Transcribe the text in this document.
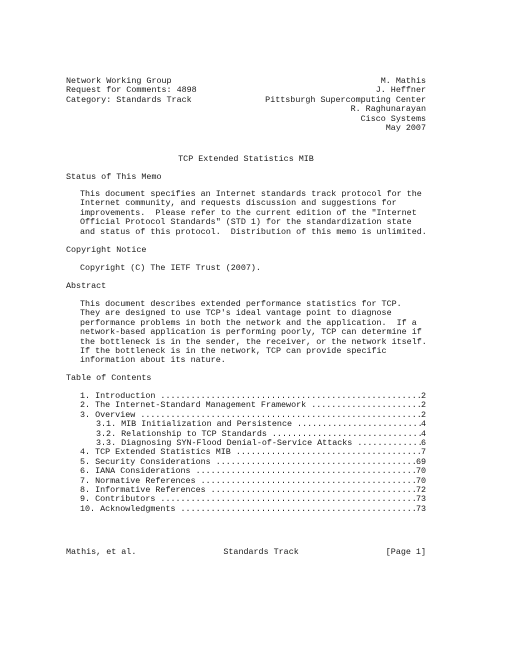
Network Working Group	M. Mathis
Request for Comments: 4898	J. Heffner
Category: Standards Track	Pittsburgh Supercomputing Center
R. Raghunarayan
Cisco Systems
May 2007
TCP Extended Statistics MIB
Status of This Memo
This document specifies an Internet standards track protocol for the
Internet community, and requests discussion and suggestions for
improvements.  Please refer to the current edition of the "Internet
Official Protocol Standards" (STD 1) for the standardization state
and status of this protocol.  Distribution of this memo is unlimited.
Copyright Notice
Copyright (C) The IETF Trust (2007).
Abstract
This document describes extended performance statistics for TCP.
They are designed to use TCP's ideal vantage point to diagnose
performance problems in both the network and the application.  If a
network-based application is performing poorly, TCP can determine if
the bottleneck is in the sender, the receiver, or the network itself.
If the bottleneck is in the network, TCP can provide specific
information about its nature.
Table of Contents
1. Introduction .....	2
2. The Internet-Standard Management Framework .....	2
3. Overview .....	2
3.1. MIB Initialization and Persistence .....	4
3.2. Relationship to TCP Standards .....	4
3.3. Diagnosing SYN-Flood Denial-of-Service Attacks .....	6
4. TCP Extended Statistics MIB .....	7
5. Security Considerations .....	69
6. IANA Considerations .....	70
7. Normative References .....	70
8. Informative References .....	72
9. Contributors .....	73
10. Acknowledgments .....	73
Mathis, et al.	Standards Track	[Page 1]
